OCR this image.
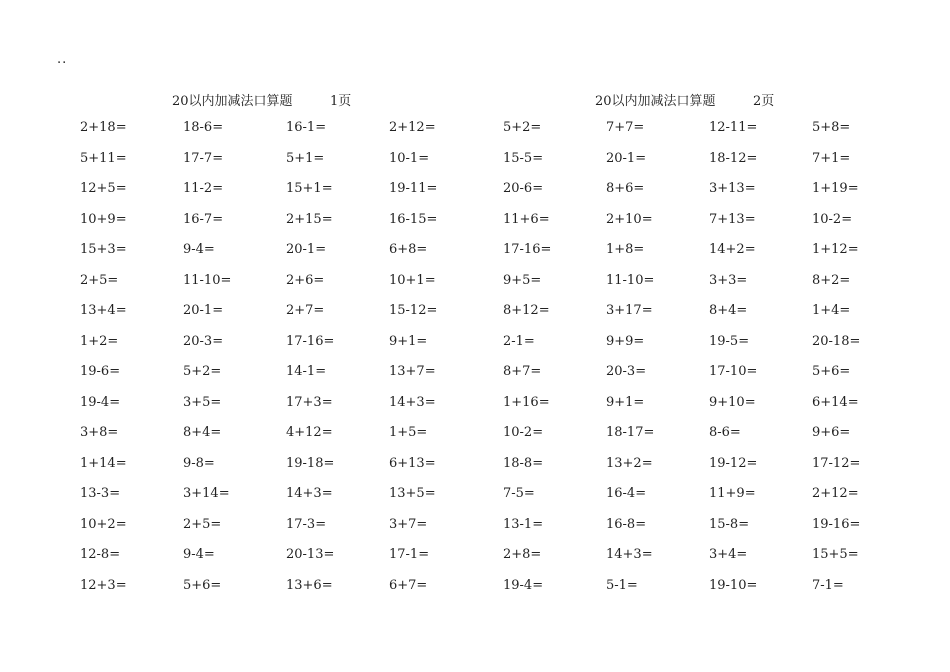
..
20以内加减法口算题	1页	20以内加减法口算题	2页
2+18=	18-6=	16-1=	2+12=
5+11=	17-7=	5+1=	10-1=
12+5=	11-2=	15+1=	19-11=
10+9=	16-7=	2+15=	16-15=
15+3=	9-4=	20-1=	6+8=
2+5=	11-10=	2+6=	10+1=
13+4=	20-1=	2+7=	15-12=
1+2=	20-3=	17-16=	9+1=
19-6=	5+2=	14-1=	13+7=
19-4=	3+5=	17+3=	14+3=
3+8=	8+4=	4+12=	1+5=
1+14=	9-8=	19-18=	6+13=
13-3=	3+14=	14+3=	13+5=
10+2=	2+5=	17-3=	3+7=
12-8=	9-4=	20-13=	17-1=
12+3=	5+6=	13+6=	6+7=
5+2=	7+7=	12-11=	5+8=
15-5=	20-1=	18-12=	7+1=
20-6=	8+6=	3+13=	1+19=
11+6=	2+10=	7+13=	10-2=
17-16=	1+8=	14+2=	1+12=
9+5=	11-10=	3+3=	8+2=
8+12=	3+17=	8+4=	1+4=
2-1=	9+9=	19-5=	20-18=
8+7=	20-3=	17-10=	5+6=
1+16=	9+1=	9+10=	6+14=
10-2=	18-17=	8-6=	9+6=
18-8=	13+2=	19-12=	17-12=
7-5=	16-4=	11+9=	2+12=
13-1=	16-8=	15-8=	19-16=
2+8=	14+3=	3+4=	15+5=
19-4=	5-1=	19-10=	7-1=
